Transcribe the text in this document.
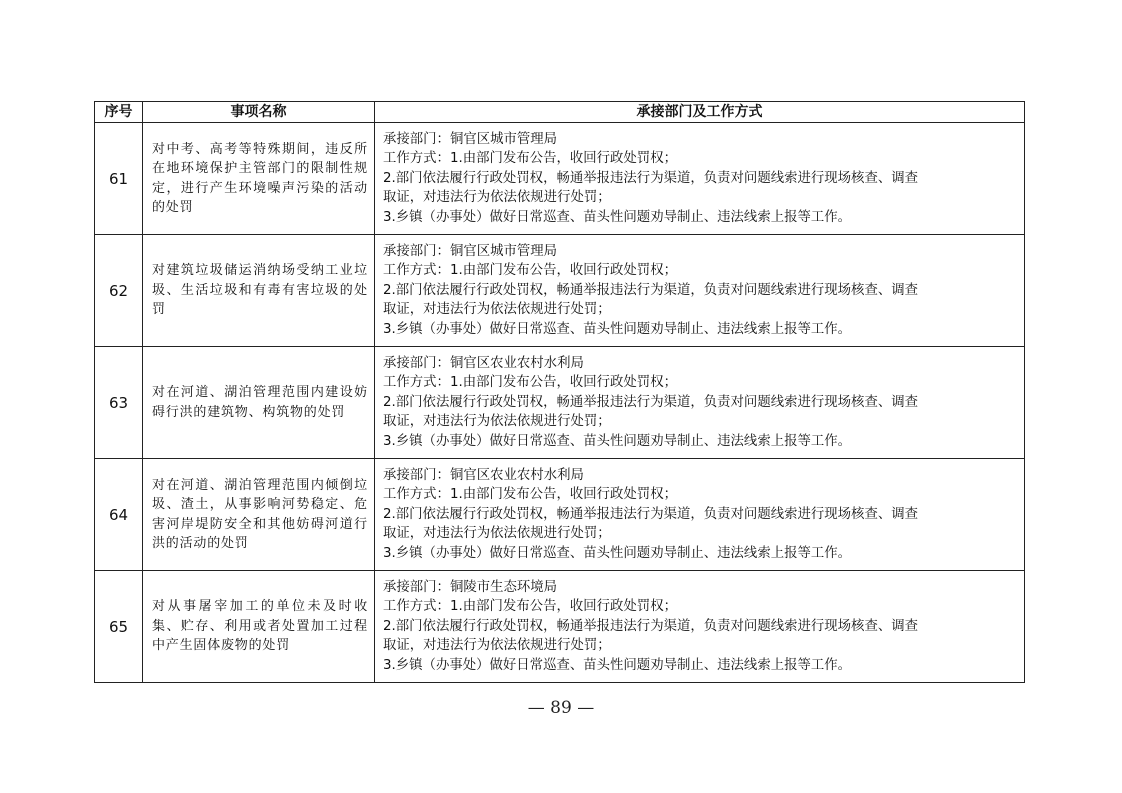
序号	事项名称	承接部门及工作方式
61	对中考、高考等特殊期间，违反所在地环境保护主管部门的限制性规定，进行产生环境噪声污染的活动的处罚	承接部门：铜官区城市管理局
工作方式：1.由部门发布公告，收回行政处罚权；
2.部门依法履行行政处罚权，畅通举报违法行为渠道，负责对问题线索进行现场核查、调查
取证，对违法行为依法依规进行处罚；
3.乡镇（办事处）做好日常巡查、苗头性问题劝导制止、违法线索上报等工作。

62	对建筑垃圾储运消纳场受纳工业垃圾、生活垃圾和有毒有害垃圾的处罚	承接部门：铜官区城市管理局
工作方式：1.由部门发布公告，收回行政处罚权；
2.部门依法履行行政处罚权，畅通举报违法行为渠道，负责对问题线索进行现场核查、调查
取证，对违法行为依法依规进行处罚；
3.乡镇（办事处）做好日常巡查、苗头性问题劝导制止、违法线索上报等工作。

63	对在河道、湖泊管理范围内建设妨碍行洪的建筑物、构筑物的处罚	承接部门：铜官区农业农村水利局
工作方式：1.由部门发布公告，收回行政处罚权；
2.部门依法履行行政处罚权，畅通举报违法行为渠道，负责对问题线索进行现场核查、调查
取证，对违法行为依法依规进行处罚；
3.乡镇（办事处）做好日常巡查、苗头性问题劝导制止、违法线索上报等工作。

64	对在河道、湖泊管理范围内倾倒垃圾、渣土，从事影响河势稳定、危害河岸堤防安全和其他妨碍河道行洪的活动的处罚	承接部门：铜官区农业农村水利局
工作方式：1.由部门发布公告，收回行政处罚权；
2.部门依法履行行政处罚权，畅通举报违法行为渠道，负责对问题线索进行现场核查、调查
取证，对违法行为依法依规进行处罚；
3.乡镇（办事处）做好日常巡查、苗头性问题劝导制止、违法线索上报等工作。

65	对从事屠宰加工的单位未及时收集、贮存、利用或者处置加工过程中产生固体废物的处罚	承接部门：铜陵市生态环境局
工作方式：1.由部门发布公告，收回行政处罚权；
2.部门依法履行行政处罚权，畅通举报违法行为渠道，负责对问题线索进行现场核查、调查
取证，对违法行为依法依规进行处罚；
3.乡镇（办事处）做好日常巡查、苗头性问题劝导制止、违法线索上报等工作。
— 89 —
